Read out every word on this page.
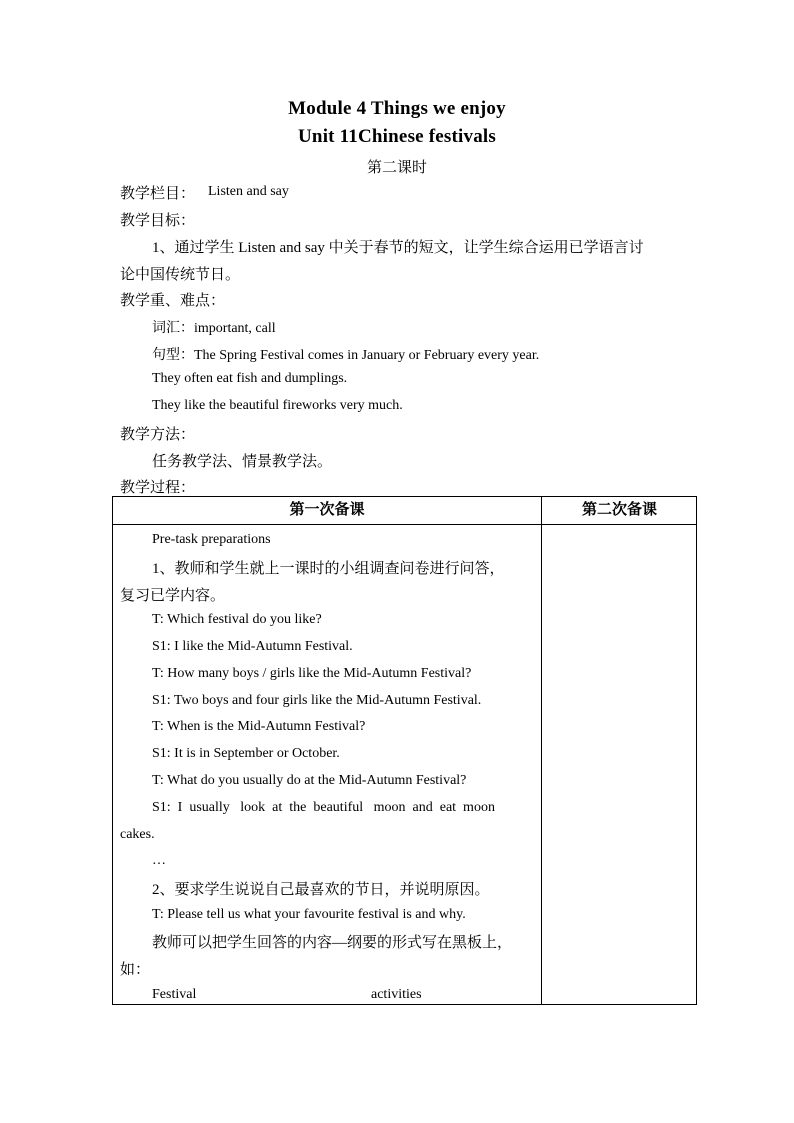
Module 4 Things we enjoy
Unit 11Chinese festivals
第二课时
教学栏目： Listen and say
教学目标：
1、通过学生 Listen and say 中关于春节的短文，让学生综合运用已学语言讨
论中国传统节日。
教学重、难点：
词汇：important, call
句型：The Spring Festival comes in January or February every year.
They often eat fish and dumplings.
They like the beautiful fireworks very much.
教学方法：
任务教学法、情景教学法。
教学过程：
第一次备课	第二次备课
Pre-task preparations
1、教师和学生就上一课时的小组调查问卷进行问答，
复习已学内容。
T: Which festival do you like?
S1: I like the Mid-Autumn Festival.
T: How many boys / girls like the Mid-Autumn Festival?
S1: Two boys and four girls like the Mid-Autumn Festival.
T: When is the Mid-Autumn Festival?
S1: It is in September or October.
T: What do you usually do at the Mid-Autumn Festival?
S1:  I  usually   look  at  the  beautiful   moon  and  eat  moon
cakes.
…
2、要求学生说说自己最喜欢的节日，并说明原因。
T: Please tell us what your favourite festival is and why.
教师可以把学生回答的内容—纲要的形式写在黑板上，
如：
Festival	activities
